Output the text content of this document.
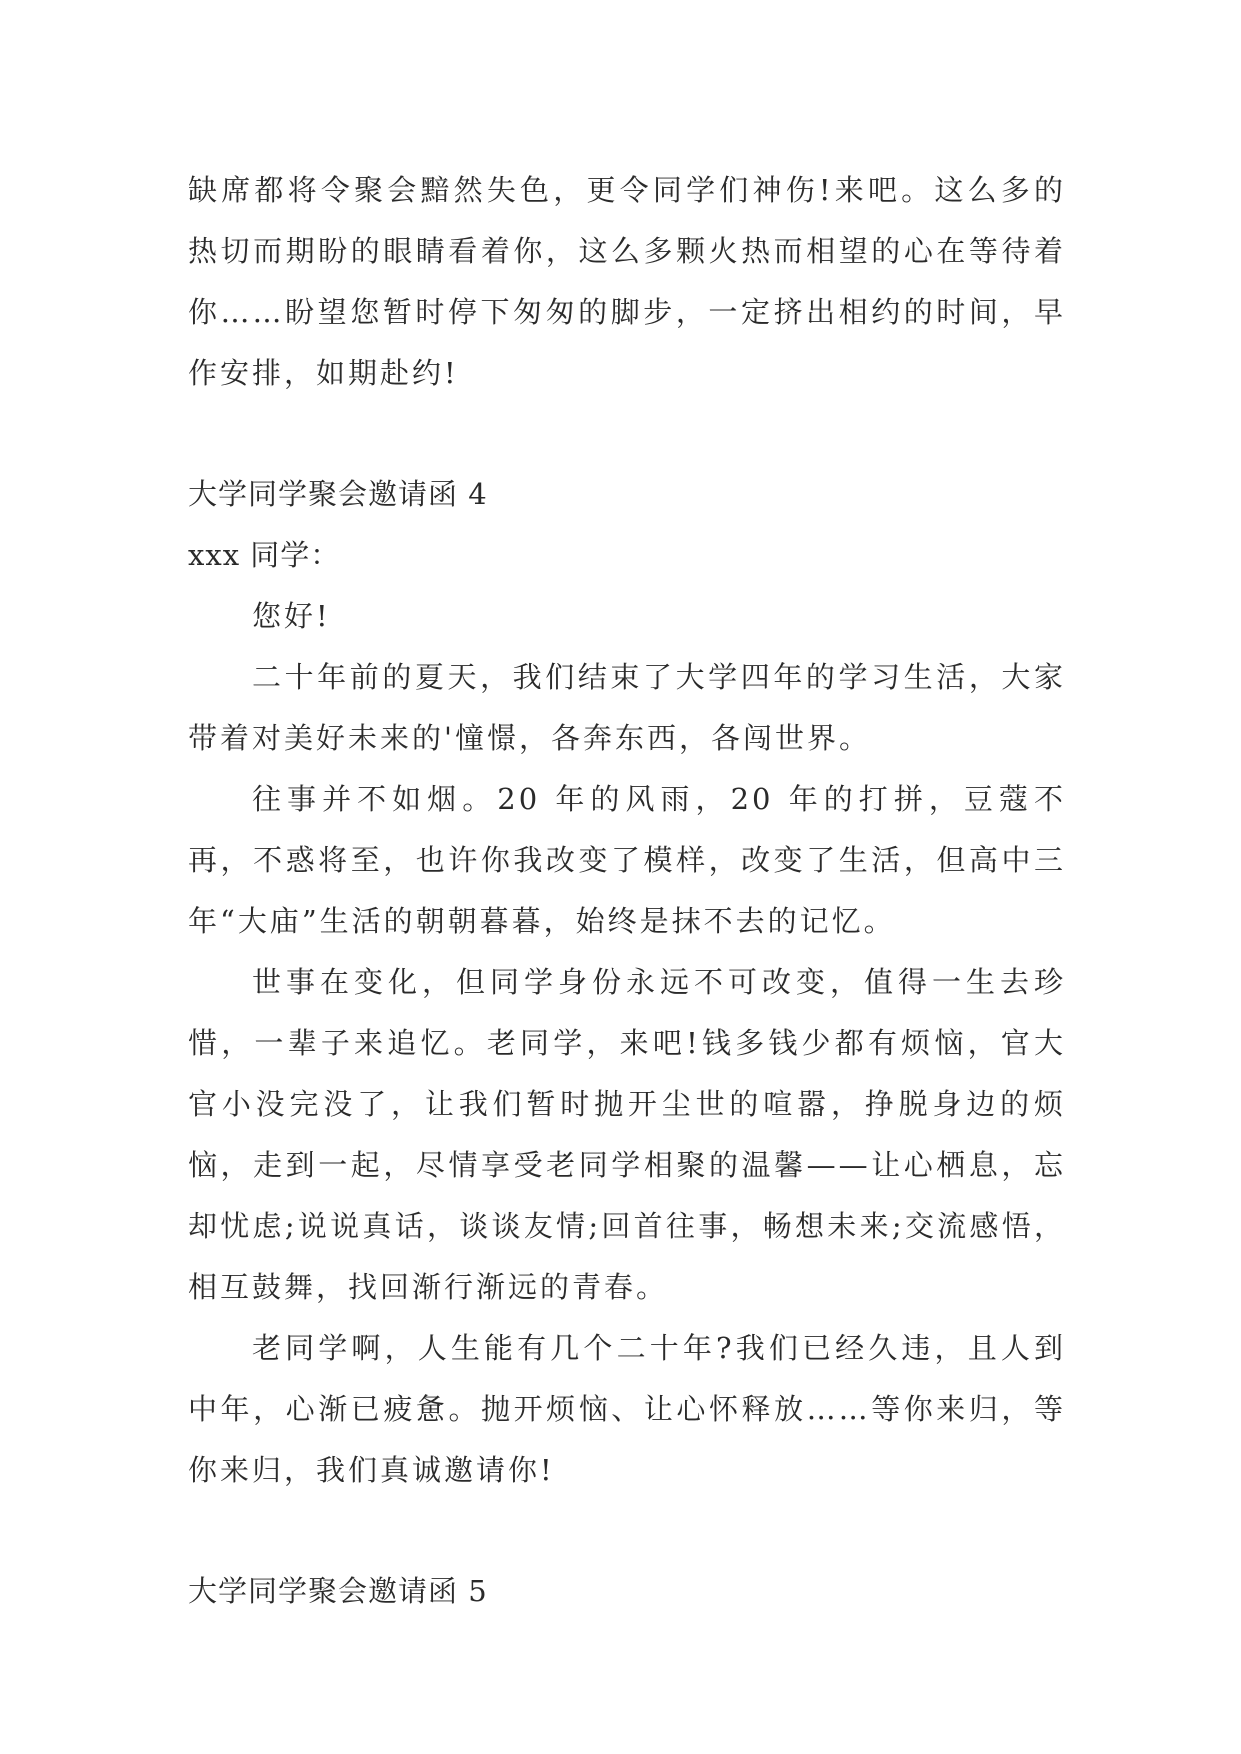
缺席都将令聚会黯然失色，更令同学们神伤!来吧。这么多的热切而期盼的眼睛看着你，这么多颗火热而相望的心在等待着你……盼望您暂时停下匆匆的脚步，一定挤出相约的时间，早作安排，如期赴约!

大学同学聚会邀请函 4

xxx 同学：

您好!

二十年前的夏天，我们结束了大学四年的学习生活，大家带着对美好未来的'憧憬，各奔东西，各闯世界。

往事并不如烟。20 年的风雨，20 年的打拼，豆蔻不再，不惑将至，也许你我改变了模样，改变了生活，但高中三年“大庙”生活的朝朝暮暮，始终是抹不去的记忆。

世事在变化，但同学身份永远不可改变，值得一生去珍惜，一辈子来追忆。老同学，来吧!钱多钱少都有烦恼，官大官小没完没了，让我们暂时抛开尘世的喧嚣，挣脱身边的烦恼，走到一起，尽情享受老同学相聚的温馨——让心栖息，忘却忧虑;说说真话，谈谈友情;回首往事，畅想未来;交流感悟，相互鼓舞，找回渐行渐远的青春。

老同学啊，人生能有几个二十年?我们已经久违，且人到中年，心渐已疲惫。抛开烦恼、让心怀释放……等你来归，等你来归，我们真诚邀请你!

大学同学聚会邀请函 5
